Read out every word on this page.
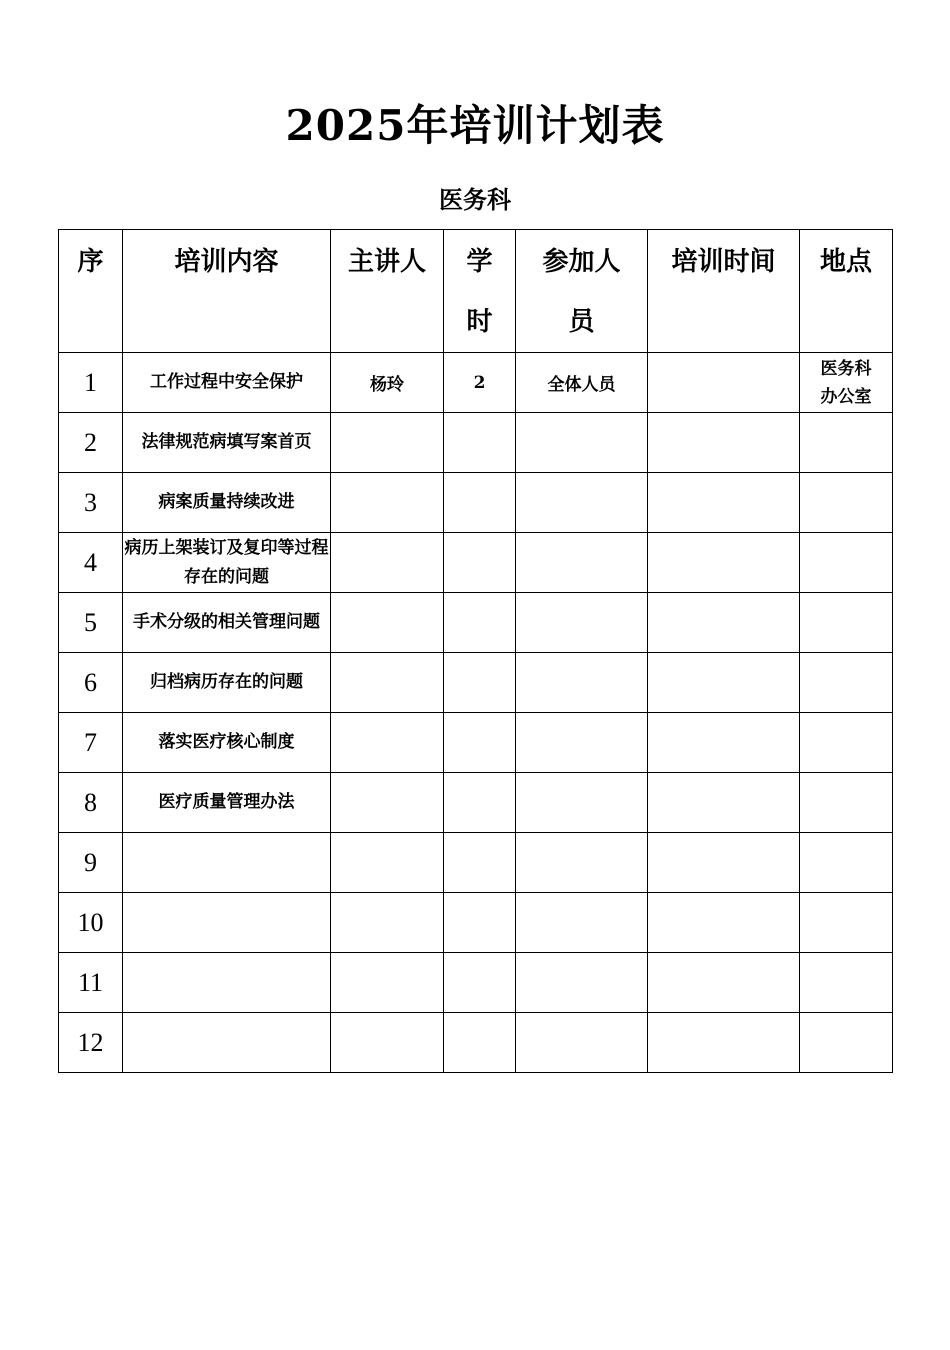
2025年培训计划表
医务科
序	培训内容	主讲人	学时	参加人员	培训时间	地点
1	工作过程中安全保护	杨玲	2	全体人员		医务科办公室
2	法律规范病填写案首页					
3	病案质量持续改进					
4	病历上架装订及复印等过程存在的问题					
5	手术分级的相关管理问题					
6	归档病历存在的问题					
7	落实医疗核心制度					
8	医疗质量管理办法					
9						
10						
11						
12						
